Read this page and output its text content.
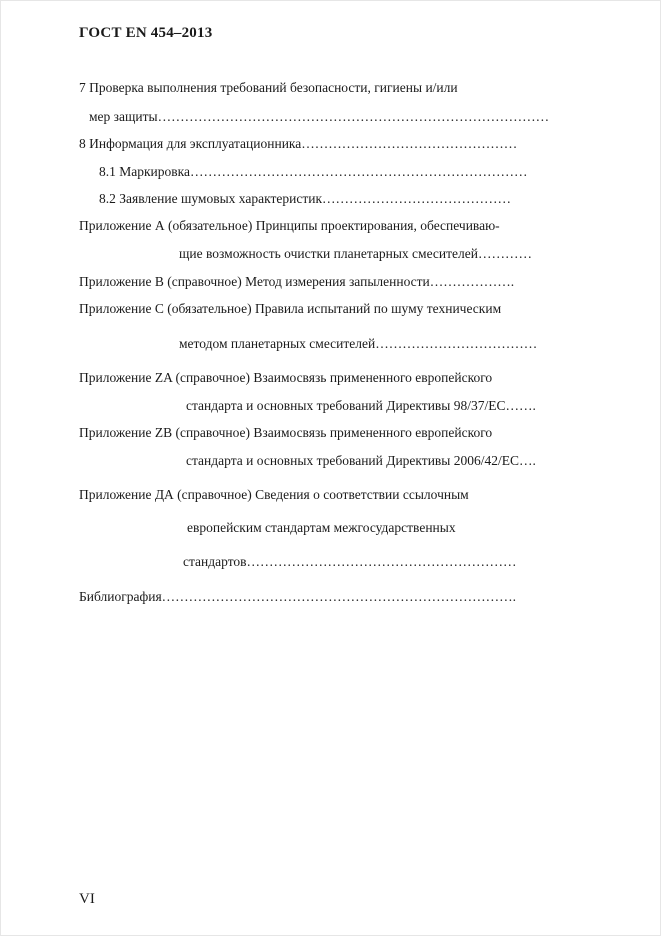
ГОСТ EN 454–2013
7 Проверка выполнения требований безопасности, гигиены и/или
мер защиты……………………………………………………………………………
8 Информация для эксплуатационника…………………………………………
8.1 Маркировка…………………………………………………………………
8.2 Заявление шумовых характеристик……………………………………
Приложение А (обязательное) Принципы проектирования, обеспечиваю-
щие возможность очистки планетарных смесителей…………
Приложение В (справочное) Метод измерения запыленности……………….
Приложение С (обязательное) Правила испытаний по шуму техническим
методом планетарных смесителей………………………………
Приложение ZA (справочное) Взаимосвязь примененного европейского
стандарта и основных требований Директивы 98/37/ЕС…….
Приложение ZB (справочное) Взаимосвязь примененного европейского
стандарта и основных требований Директивы 2006/42/ЕС….
Приложение ДА (справочное) Сведения о соответствии ссылочным
европейским стандартам межгосударственных
стандартов……………………………………………………
Библиография…………………………………………………………………….
VI
